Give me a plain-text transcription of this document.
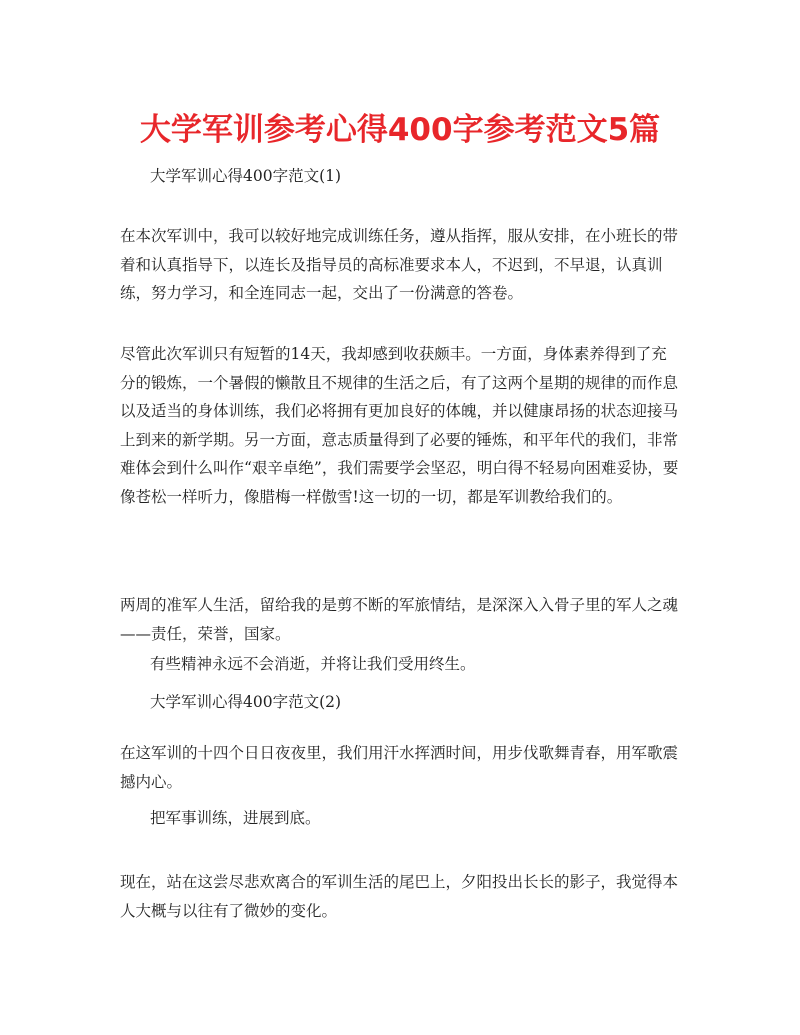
大学军训参考心得400字参考范文5篇

大学军训心得400字范文(1)

在本次军训中，我可以较好地完成训练任务，遵从指挥，服从安排，在小班长的带着和认真指导下，以连长及指导员的高标准要求本人，不迟到，不早退，认真训练，努力学习，和全连同志一起，交出了一份满意的答卷。

尽管此次军训只有短暂的14天，我却感到收获颇丰。一方面，身体素养得到了充分的锻炼，一个暑假的懒散且不规律的生活之后，有了这两个星期的规律的而作息以及适当的身体训练，我们必将拥有更加良好的体魄，并以健康昂扬的状态迎接马上到来的新学期。另一方面，意志质量得到了必要的锤炼，和平年代的我们，非常难体会到什么叫作“艰辛卓绝”，我们需要学会坚忍，明白得不轻易向困难妥协，要像苍松一样听力，像腊梅一样傲雪!这一切的一切，都是军训教给我们的。

两周的准军人生活，留给我的是剪不断的军旅情结，是深深入入骨子里的军人之魂——责任，荣誉，国家。

有些精神永远不会消逝，并将让我们受用终生。

大学军训心得400字范文(2)

在这军训的十四个日日夜夜里，我们用汗水挥洒时间，用步伐歌舞青春，用军歌震撼内心。

把军事训练，进展到底。

现在，站在这尝尽悲欢离合的军训生活的尾巴上，夕阳投出长长的影子，我觉得本人大概与以往有了微妙的变化。
